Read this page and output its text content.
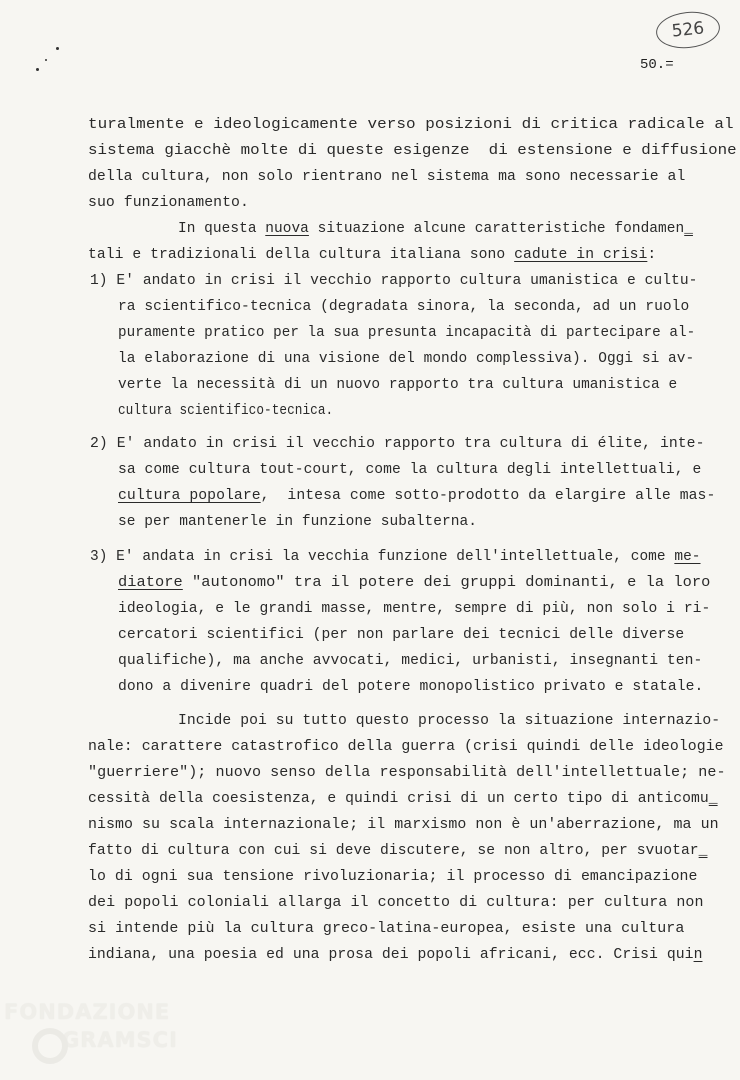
526
50.=
turalmente e ideologicamente verso posizioni di critica radicale al
sistema giacchè molte di queste esigenze  di estensione e diffusione
della cultura, non solo rientrano nel sistema ma sono necessarie al
suo funzionamento.
In questa nuova situazione alcune caratteristiche fondamen_
tali e tradizionali della cultura italiana sono cadute in crisi:
1) E' andato in crisi il vecchio rapporto cultura umanistica e cultu-
ra scientifico-tecnica (degradata sinora, la seconda, ad un ruolo
puramente pratico per la sua presunta incapacità di partecipare al-
la elaborazione di una visione del mondo complessiva). Oggi si av-
verte la necessità di un nuovo rapporto tra cultura umanistica e
cultura scientifico-tecnica.
2) E' andato in crisi il vecchio rapporto tra cultura di élite, inte-
sa come cultura tout-court, come la cultura degli intellettuali, e
cultura popolare,  intesa come sotto-prodotto da elargire alle mas-
se per mantenerle in funzione subalterna.
3) E' andata in crisi la vecchia funzione dell'intellettuale, come me-
diatore "autonomo" tra il potere dei gruppi dominanti, e la loro
ideologia, e le grandi masse, mentre, sempre di più, non solo i ri-
cercatori scientifici (per non parlare dei tecnici delle diverse
qualifiche), ma anche avvocati, medici, urbanisti, insegnanti ten-
dono a divenire quadri del potere monopolistico privato e statale.
Incide poi su tutto questo processo la situazione internazio-
nale: carattere catastrofico della guerra (crisi quindi delle ideologie
"guerriere"); nuovo senso della responsabilità dell'intellettuale; ne-
cessità della coesistenza, e quindi crisi di un certo tipo di anticomu_
nismo su scala internazionale; il marxismo non è un'aberrazione, ma un
fatto di cultura con cui si deve discutere, se non altro, per svuotar_
lo di ogni sua tensione rivoluzionaria; il processo di emancipazione
dei popoli coloniali allarga il concetto di cultura: per cultura non
si intende più la cultura greco-latina-europea, esiste una cultura
indiana, una poesia ed una prosa dei popoli africani, ecc. Crisi quin
FONDAZIONE
GRAMSCI
